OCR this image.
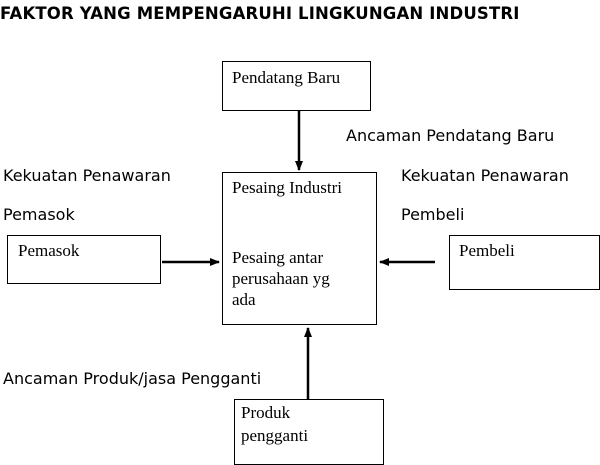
FAKTOR YANG MEMPENGARUHI LINGKUNGAN INDUSTRI
Pendatang Baru
Pesaing Industri
Pesaing antar
perusahaan yg
ada
Pemasok	Pembeli
Produk
pengganti
Ancaman Pendatang Baru
Kekuatan Penawaran
Pemasok
Kekuatan Penawaran
Pembeli
Ancaman Produk/jasa Pengganti
